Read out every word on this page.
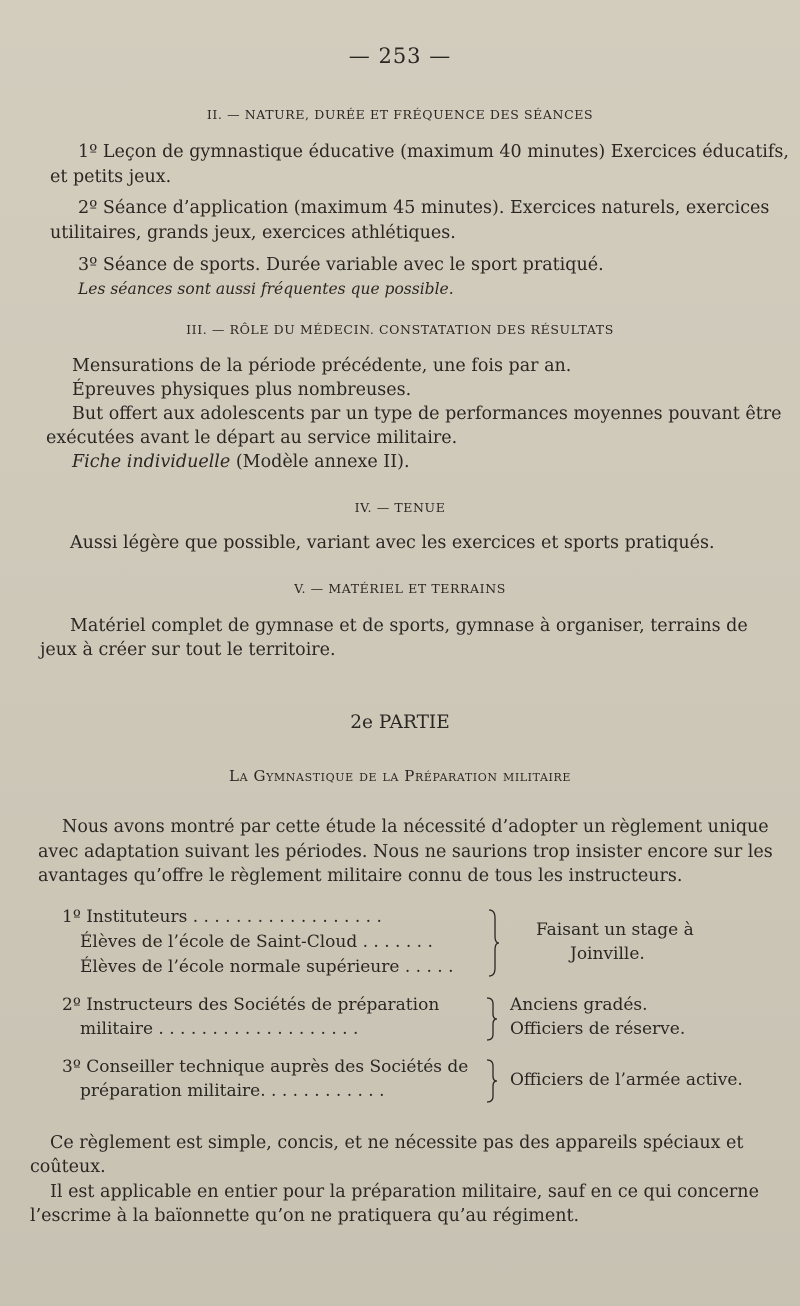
— 253 —
II. — NATURE, DURÉE ET FRÉQUENCE DES SÉANCES
1º Leçon de gymnastique éducative (maximum 40 minutes) Exercices éducatifs,
et petits jeux.
2º Séance d’application (maximum 45 minutes). Exercices naturels, exercices
utilitaires, grands jeux, exercices athlétiques.
3º Séance de sports. Durée variable avec le sport pratiqué.
Les séances sont aussi fréquentes que possible.
III. — RÔLE DU MÉDECIN. CONSTATATION DES RÉSULTATS
Mensurations de la période précédente, une fois par an.
Épreuves physiques plus nombreuses.
But offert aux adolescents par un type de performances moyennes pouvant être
exécutées avant le départ au service militaire.
Fiche individuelle (Modèle annexe II).
IV. — TENUE
Aussi légère que possible, variant avec les exercices et sports pratiqués.
V. — MATÉRIEL ET TERRAINS
Matériel complet de gymnase et de sports, gymnase à organiser, terrains de
jeux à créer sur tout le territoire.
2e PARTIE
La Gymnastique de la Préparation militaire
Nous avons montré par cette étude la nécessité d’adopter un règlement unique
avec adaptation suivant les périodes. Nous ne saurions trop insister encore sur les
avantages qu’offre le règlement militaire connu de tous les instructeurs.
1º Instituteurs . . . . . . . . . . . . . . . . . .
Élèves de l’école de Saint-Cloud . . . . . . .
Élèves de l’école normale supérieure . . . . .
Faisant un stage à
Joinville.
2º Instructeurs des Sociétés de préparation
militaire . . . . . . . . . . . . . . . . . . .
Anciens gradés.
Officiers de réserve.
3º Conseiller technique auprès des Sociétés de
préparation militaire. . . . . . . . . . . .
Officiers de l’armée active.
Ce règlement est simple, concis, et ne nécessite pas des appareils spéciaux et
coûteux.
Il est applicable en entier pour la préparation militaire, sauf en ce qui concerne
l’escrime à la baïonnette qu’on ne pratiquera qu’au régiment.
